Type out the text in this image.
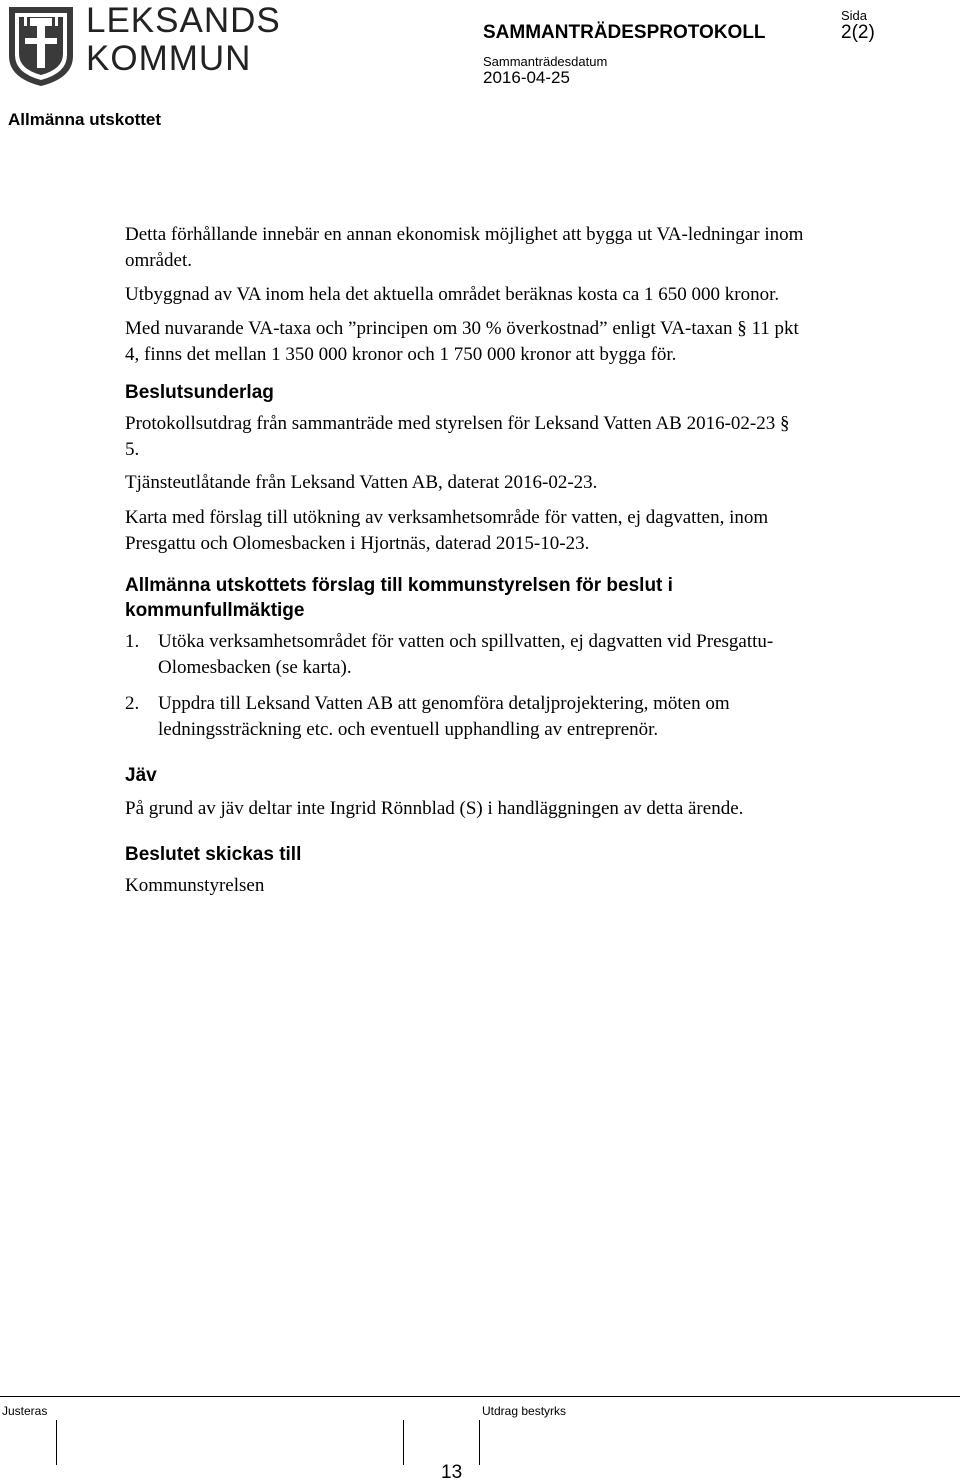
LEKSANDS
KOMMUN
SAMMANTRÄDESPROTOKOLL
Sammanträdesdatum
2016-04-25
Sida
2(2)
Allmänna utskottet

Detta förhållande innebär en annan ekonomisk möjlighet att bygga ut VA-ledningar inom området.

Utbyggnad av VA inom hela det aktuella området beräknas kosta ca 1 650 000 kronor.

Med nuvarande VA-taxa och ”principen om 30 % överkostnad” enligt VA-taxan § 11 pkt 4, finns det mellan 1 350 000 kronor och 1 750 000 kronor att bygga för.

Beslutsunderlag

Protokollsutdrag från sammanträde med styrelsen för Leksand Vatten AB 2016-02-23 § 5.

Tjänsteutlåtande från Leksand Vatten AB, daterat 2016-02-23.

Karta med förslag till utökning av verksamhetsområde för vatten, ej dagvatten, inom Presgattu och Olomesbacken i Hjortnäs, daterad 2015-10-23.

Allmänna utskottets förslag till kommunstyrelsen för beslut i kommunfullmäktige
1. Utöka verksamhetsområdet för vatten och spillvatten, ej dagvatten vid Presgattu-Olomesbacken (se karta).
2. Uppdra till Leksand Vatten AB att genomföra detaljprojektering, möten om ledningssträckning etc. och eventuell upphandling av entreprenör.
Jäv

På grund av jäv deltar inte Ingrid Rönnblad (S) i handläggningen av detta ärende.

Beslutet skickas till

Kommunstyrelsen

Justeras	Utdrag bestyrks
13
